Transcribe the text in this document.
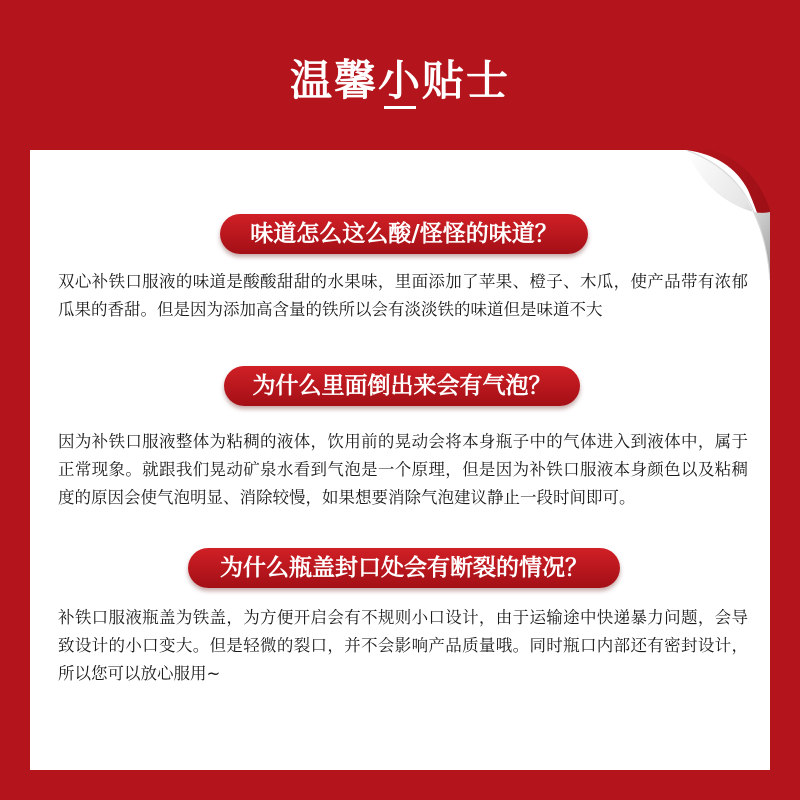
温馨小贴士
味道怎么这么酸/怪怪的味道？
双心补铁口服液的味道是酸酸甜甜的水果味，里面添加了苹果、橙子、木瓜，使产品带有浓郁瓜果的香甜。但是因为添加高含量的铁所以会有淡淡铁的味道但是味道不大
为什么里面倒出来会有气泡？
因为补铁口服液整体为粘稠的液体，饮用前的晃动会将本身瓶子中的气体进入到液体中，属于正常现象。就跟我们晃动矿泉水看到气泡是一个原理，但是因为补铁口服液本身颜色以及粘稠度的原因会使气泡明显、消除较慢，如果想要消除气泡建议静止一段时间即可。
为什么瓶盖封口处会有断裂的情况？
补铁口服液瓶盖为铁盖，为方便开启会有不规则小口设计，由于运输途中快递暴力问题，会导致设计的小口变大。但是轻微的裂口，并不会影响产品质量哦。同时瓶口内部还有密封设计，所以您可以放心服用~
